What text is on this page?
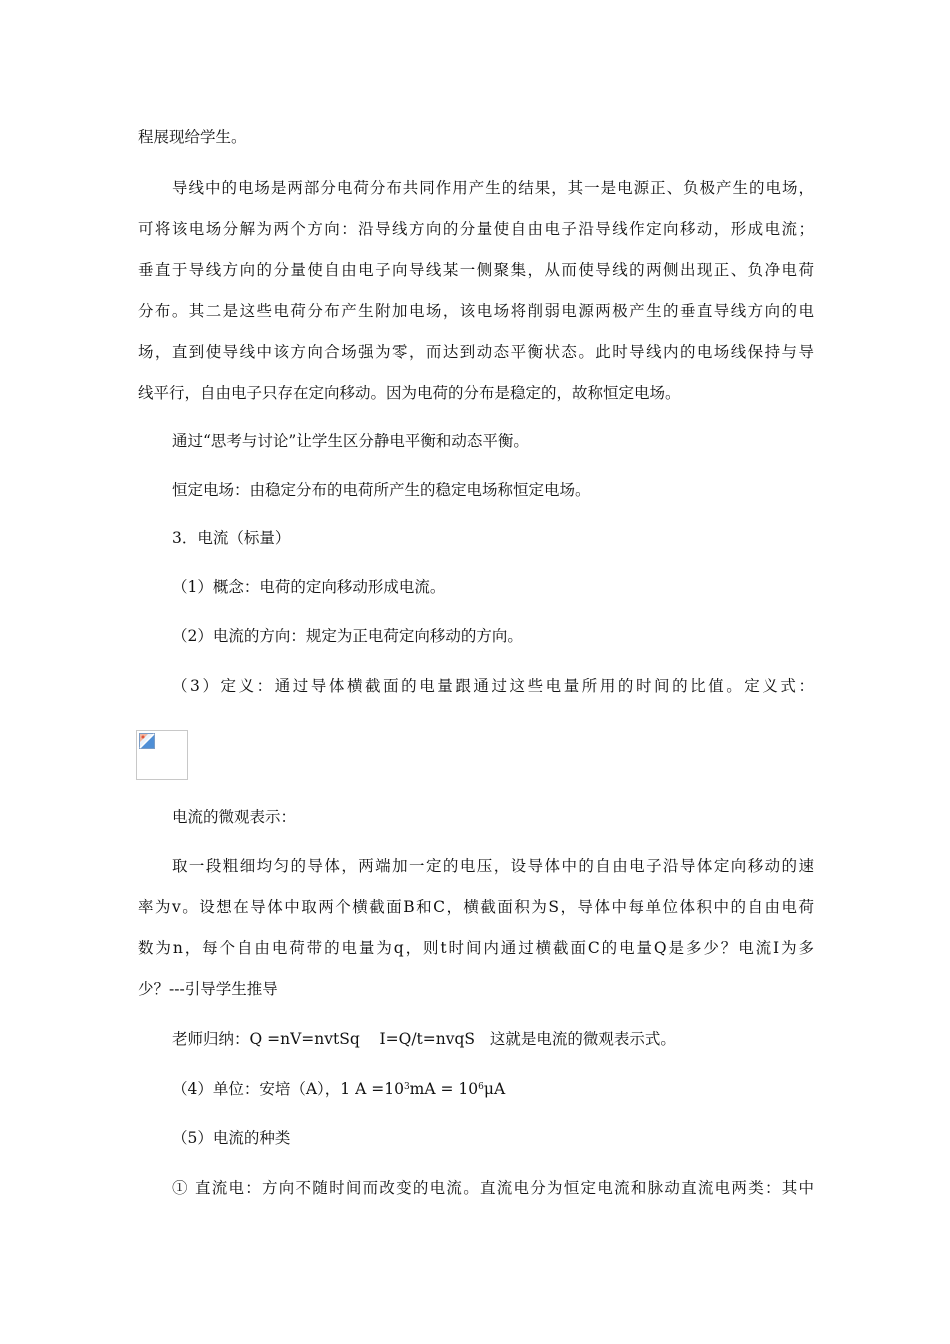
程展现给学生。
导线中的电场是两部分电荷分布共同作用产生的结果，其一是电源正、负极产生的电场，
可将该电场分解为两个方向：沿导线方向的分量使自由电子沿导线作定向移动，形成电流；
垂直于导线方向的分量使自由电子向导线某一侧聚集，从而使导线的两侧出现正、负净电荷
分布。其二是这些电荷分布产生附加电场，该电场将削弱电源两极产生的垂直导线方向的电
场，直到使导线中该方向合场强为零，而达到动态平衡状态。此时导线内的电场线保持与导
线平行，自由电子只存在定向移动。因为电荷的分布是稳定的，故称恒定电场。
通过“思考与讨论”让学生区分静电平衡和动态平衡。
恒定电场：由稳定分布的电荷所产生的稳定电场称恒定电场。
3．电流（标量）
（1）概念：电荷的定向移动形成电流。
（2）电流的方向：规定为正电荷定向移动的方向。
（3）定义：通过导体横截面的电量跟通过这些电量所用的时间的比值。定义式：
电流的微观表示：
取一段粗细均匀的导体，两端加一定的电压，设导体中的自由电子沿导体定向移动的速
率为v。设想在导体中取两个横截面B和C，横截面积为S，导体中每单位体积中的自由电荷
数为n，每个自由电荷带的电量为q，则t时间内通过横截面C的电量Q是多少？电流I为多
少？---引导学生推导
老师归纳：Q =nV=nvtSq    I=Q/t=nvqS   这就是电流的微观表示式。
（4）单位：安培（A），1 $A =10^3mA = 10^6\mu A$
（5）电流的种类
① 直流电：方向不随时间而改变的电流。直流电分为恒定电流和脉动直流电两类：其中
